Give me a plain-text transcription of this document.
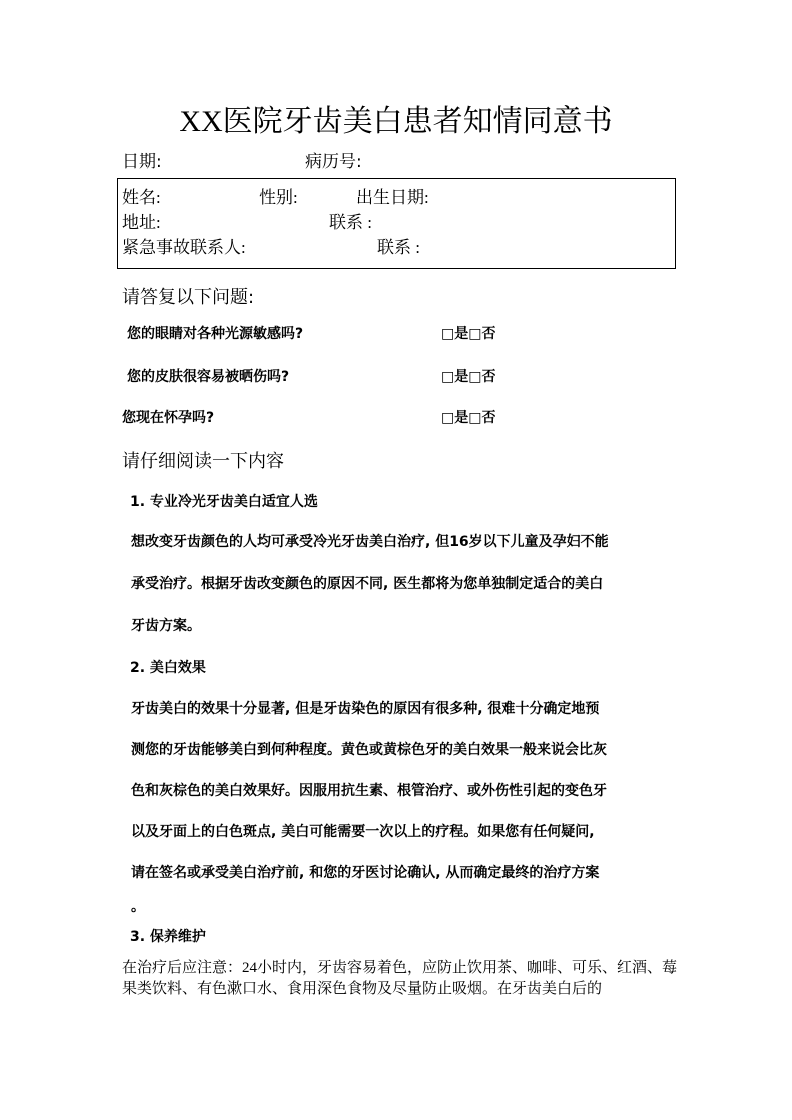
XX医院牙齿美白患者知情同意书
日期:	病历号:
姓名:	性别:	出生日期:
地址:	联系 :
紧急事故联系人:	联系 :
请答复以下问题:
您的眼睛对各种光源敏感吗?	□是□否
您的皮肤很容易被晒伤吗?	□是□否
您现在怀孕吗?	□是□否
请仔细阅读一下内容
1. 专业冷光牙齿美白适宜人选
想改变牙齿颜色的人均可承受冷光牙齿美白治疗, 但16岁以下儿童及孕妇不能
承受治疗。根据牙齿改变颜色的原因不同, 医生都将为您单独制定适合的美白
牙齿方案。
2. 美白效果
牙齿美白的效果十分显著, 但是牙齿染色的原因有很多种, 很难十分确定地预
测您的牙齿能够美白到何种程度。黄色或黄棕色牙的美白效果一般来说会比灰
色和灰棕色的美白效果好。因服用抗生素、根管治疗、或外伤性引起的变色牙
以及牙面上的白色斑点, 美白可能需要一次以上的疗程。如果您有任何疑问,
请在签名或承受美白治疗前, 和您的牙医讨论确认, 从而确定最终的治疗方案
。
3. 保养维护
在治疗后应注意：24小时内，牙齿容易着色，应防止饮用茶、咖啡、可乐、红酒、莓果类饮料、有色漱口水、食用深色食物及尽量防止吸烟。在牙齿美白后的
